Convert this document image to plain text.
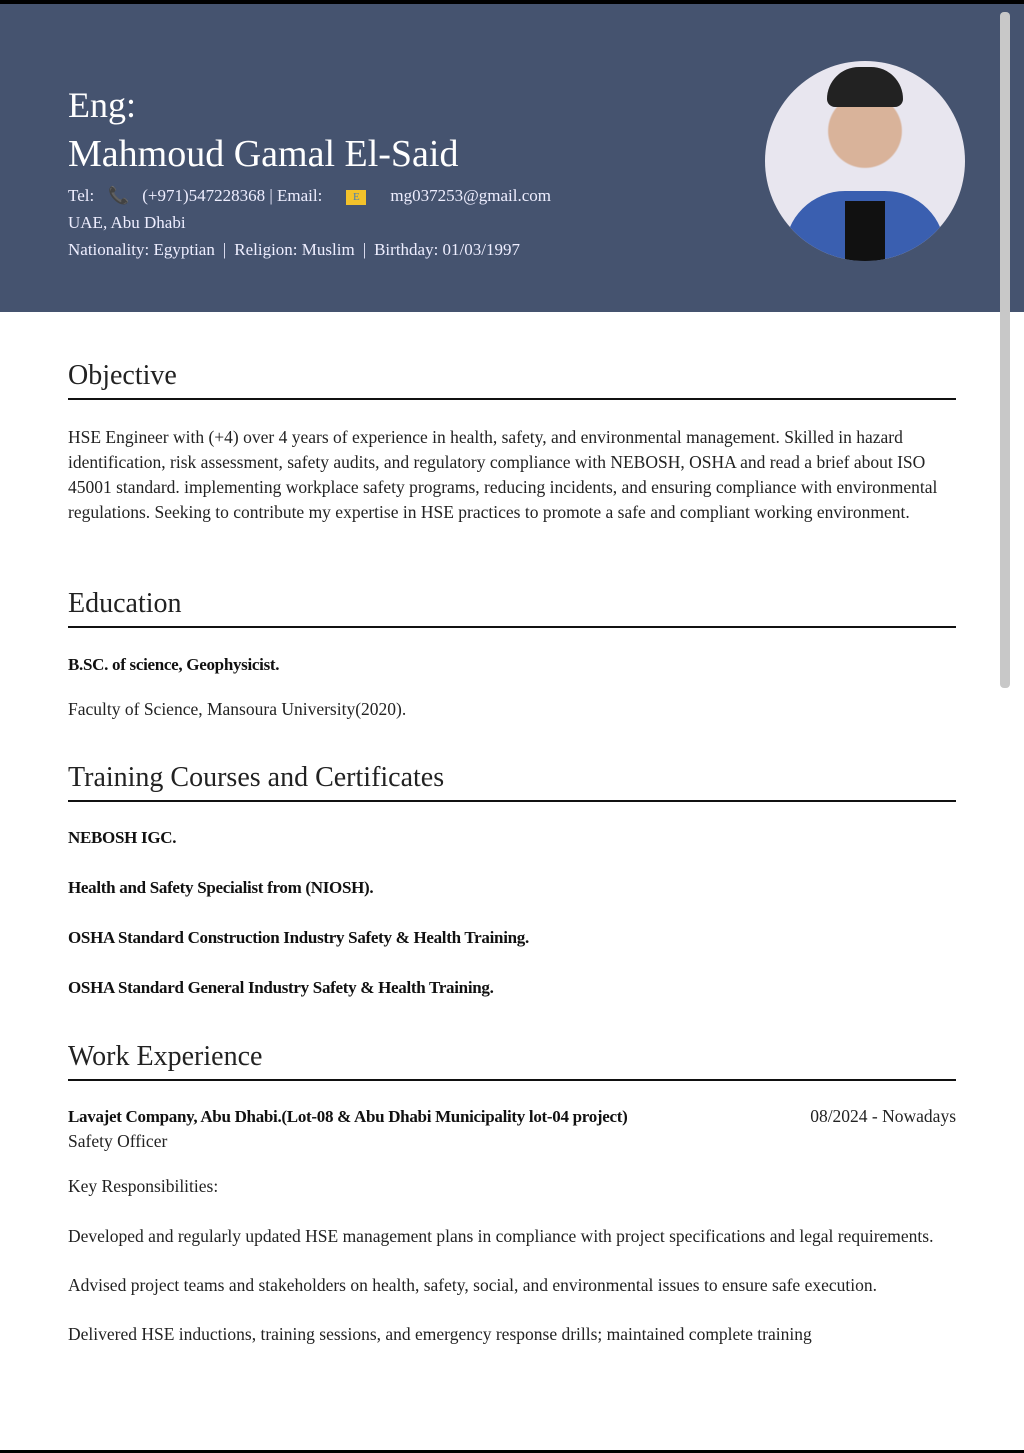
Eng:
Mahmoud Gamal El-Said
Tel: 📞 (+971)547228368 | Email:	E mg037253@gmail.com
UAE, Abu Dhabi
Nationality: Egyptian | Religion: Muslim | Birthday: 01/03/1997
Objective

HSE Engineer with (+4) over 4 years of experience in health, safety, and environmental management. Skilled in hazard identification, risk assessment, safety audits, and regulatory compliance with NEBOSH, OSHA and read a brief about ISO 45001 standard. implementing workplace safety programs, reducing incidents, and ensuring compliance with environmental regulations. Seeking to contribute my expertise in HSE practices to promote a safe and compliant working environment.

Education

B.SC. of science, Geophysicist.

Faculty of Science, Mansoura University(2020).

Training Courses and Certificates

NEBOSH IGC.

Health and Safety Specialist from (NIOSH).

OSHA Standard Construction Industry Safety & Health Training.

OSHA Standard General Industry Safety & Health Training.

Work Experience

Lavajet Company, Abu Dhabi.(Lot-08 & Abu Dhabi Municipality lot-04 project)	08/2024 - Nowadays

Safety Officer

Key Responsibilities:

Developed and regularly updated HSE management plans in compliance with project specifications and legal requirements.

Advised project teams and stakeholders on health, safety, social, and environmental issues to ensure safe execution.

Delivered HSE inductions, training sessions, and emergency response drills; maintained complete training
